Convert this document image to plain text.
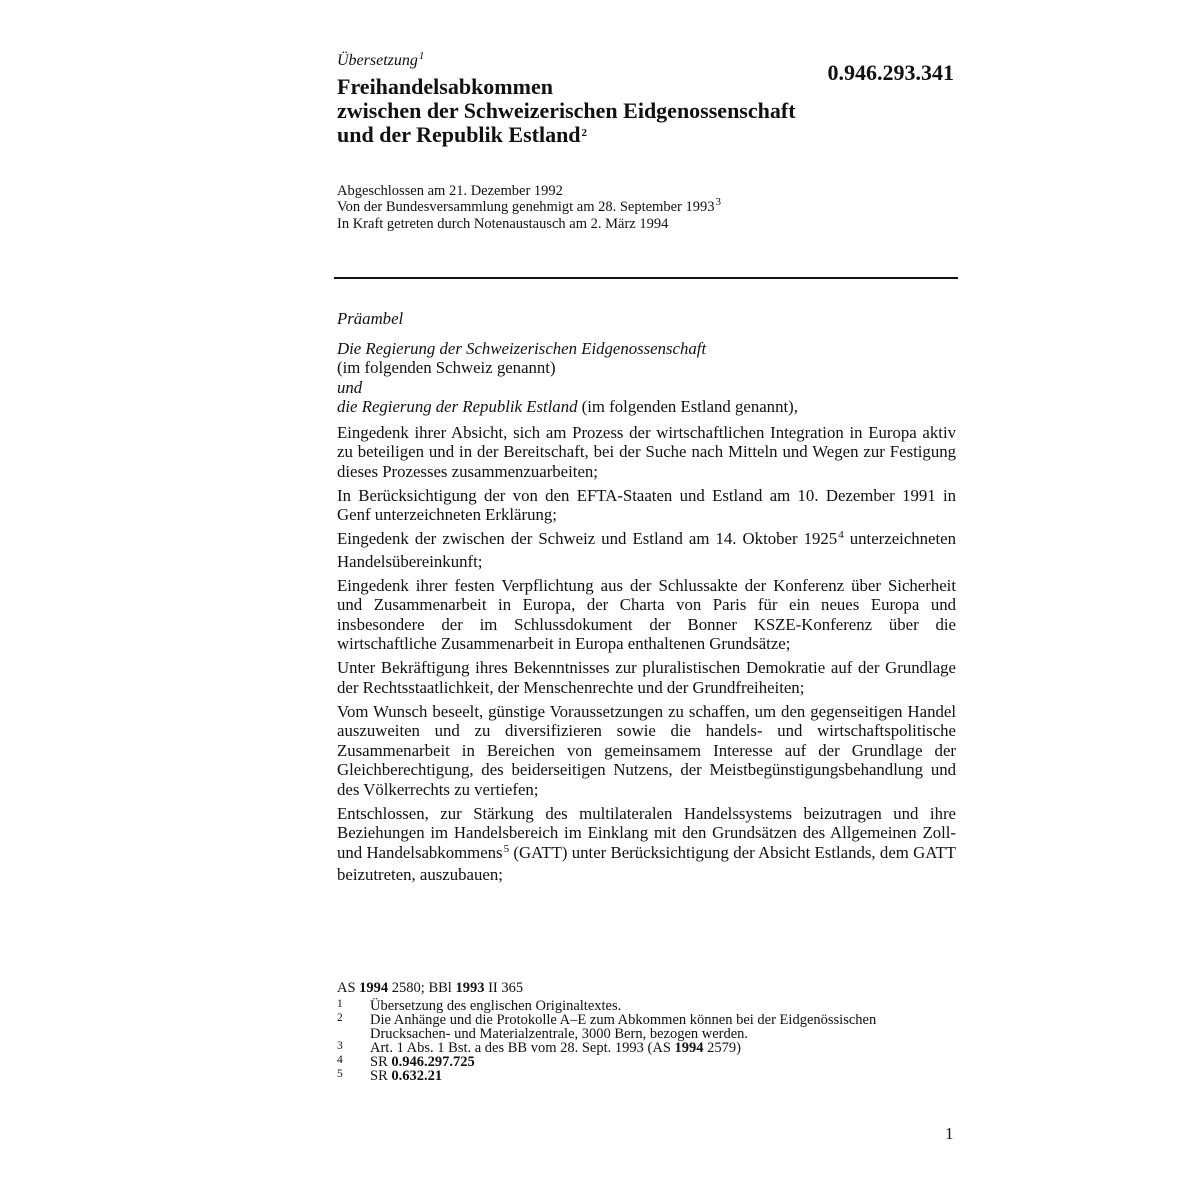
Übersetzung$^1$
0.946.293.341
Freihandelsabkommen
zwischen der Schweizerischen Eidgenossenschaft
und der Republik Estland$^2$
Abgeschlossen am 21. Dezember 1992
Von der Bundesversammlung genehmigt am 28. September 1993$^3$
In Kraft getreten durch Notenaustausch am 2. März 1994
Präambel
Die Regierung der Schweizerischen Eidgenossenschaft
(im folgenden Schweiz genannt)
und
die Regierung der Republik Estland (im folgenden Estland genannt),

Eingedenk ihrer Absicht, sich am Prozess der wirtschaftlichen Integration in Europa aktiv zu beteiligen und in der Bereitschaft, bei der Suche nach Mitteln und Wegen zur Festigung dieses Prozesses zusammenzuarbeiten;

In Berücksichtigung der von den EFTA-Staaten und Estland am 10. Dezember 1991 in Genf unterzeichneten Erklärung;

Eingedenk der zwischen der Schweiz und Estland am 14. Oktober 1925$^4$ unterzeichneten Handelsübereinkunft;

Eingedenk ihrer festen Verpflichtung aus der Schlussakte der Konferenz über Sicherheit und Zusammenarbeit in Europa, der Charta von Paris für ein neues Europa und insbesondere der im Schlussdokument der Bonner KSZE-Konferenz über die wirtschaftliche Zusammenarbeit in Europa enthaltenen Grundsätze;

Unter Bekräftigung ihres Bekenntnisses zur pluralistischen Demokratie auf der Grundlage der Rechtsstaatlichkeit, der Menschenrechte und der Grundfreiheiten;

Vom Wunsch beseelt, günstige Voraussetzungen zu schaffen, um den gegenseitigen Handel auszuweiten und zu diversifizieren sowie die handels- und wirtschaftspolitische Zusammenarbeit in Bereichen von gemeinsamem Interesse auf der Grundlage der Gleichberechtigung, des beiderseitigen Nutzens, der Meistbegünstigungsbehandlung und des Völkerrechts zu vertiefen;

Entschlossen, zur Stärkung des multilateralen Handelssystems beizutragen und ihre Beziehungen im Handelsbereich im Einklang mit den Grundsätzen des Allgemeinen Zoll- und Handelsabkommens$^5$ (GATT) unter Berücksichtigung der Absicht Estlands, dem GATT beizutreten, auszubauen;

AS 1994 2580; BBl 1993 II 365
1	Übersetzung des englischen Originaltextes.
2	Die Anhänge und die Protokolle A–E zum Abkommen können bei der Eidgenössischen Drucksachen- und Materialzentrale, 3000 Bern, bezogen werden.
3	Art. 1 Abs. 1 Bst. a des BB vom 28. Sept. 1993 (AS 1994 2579)
4	SR 0.946.297.725
5	SR 0.632.21
1
